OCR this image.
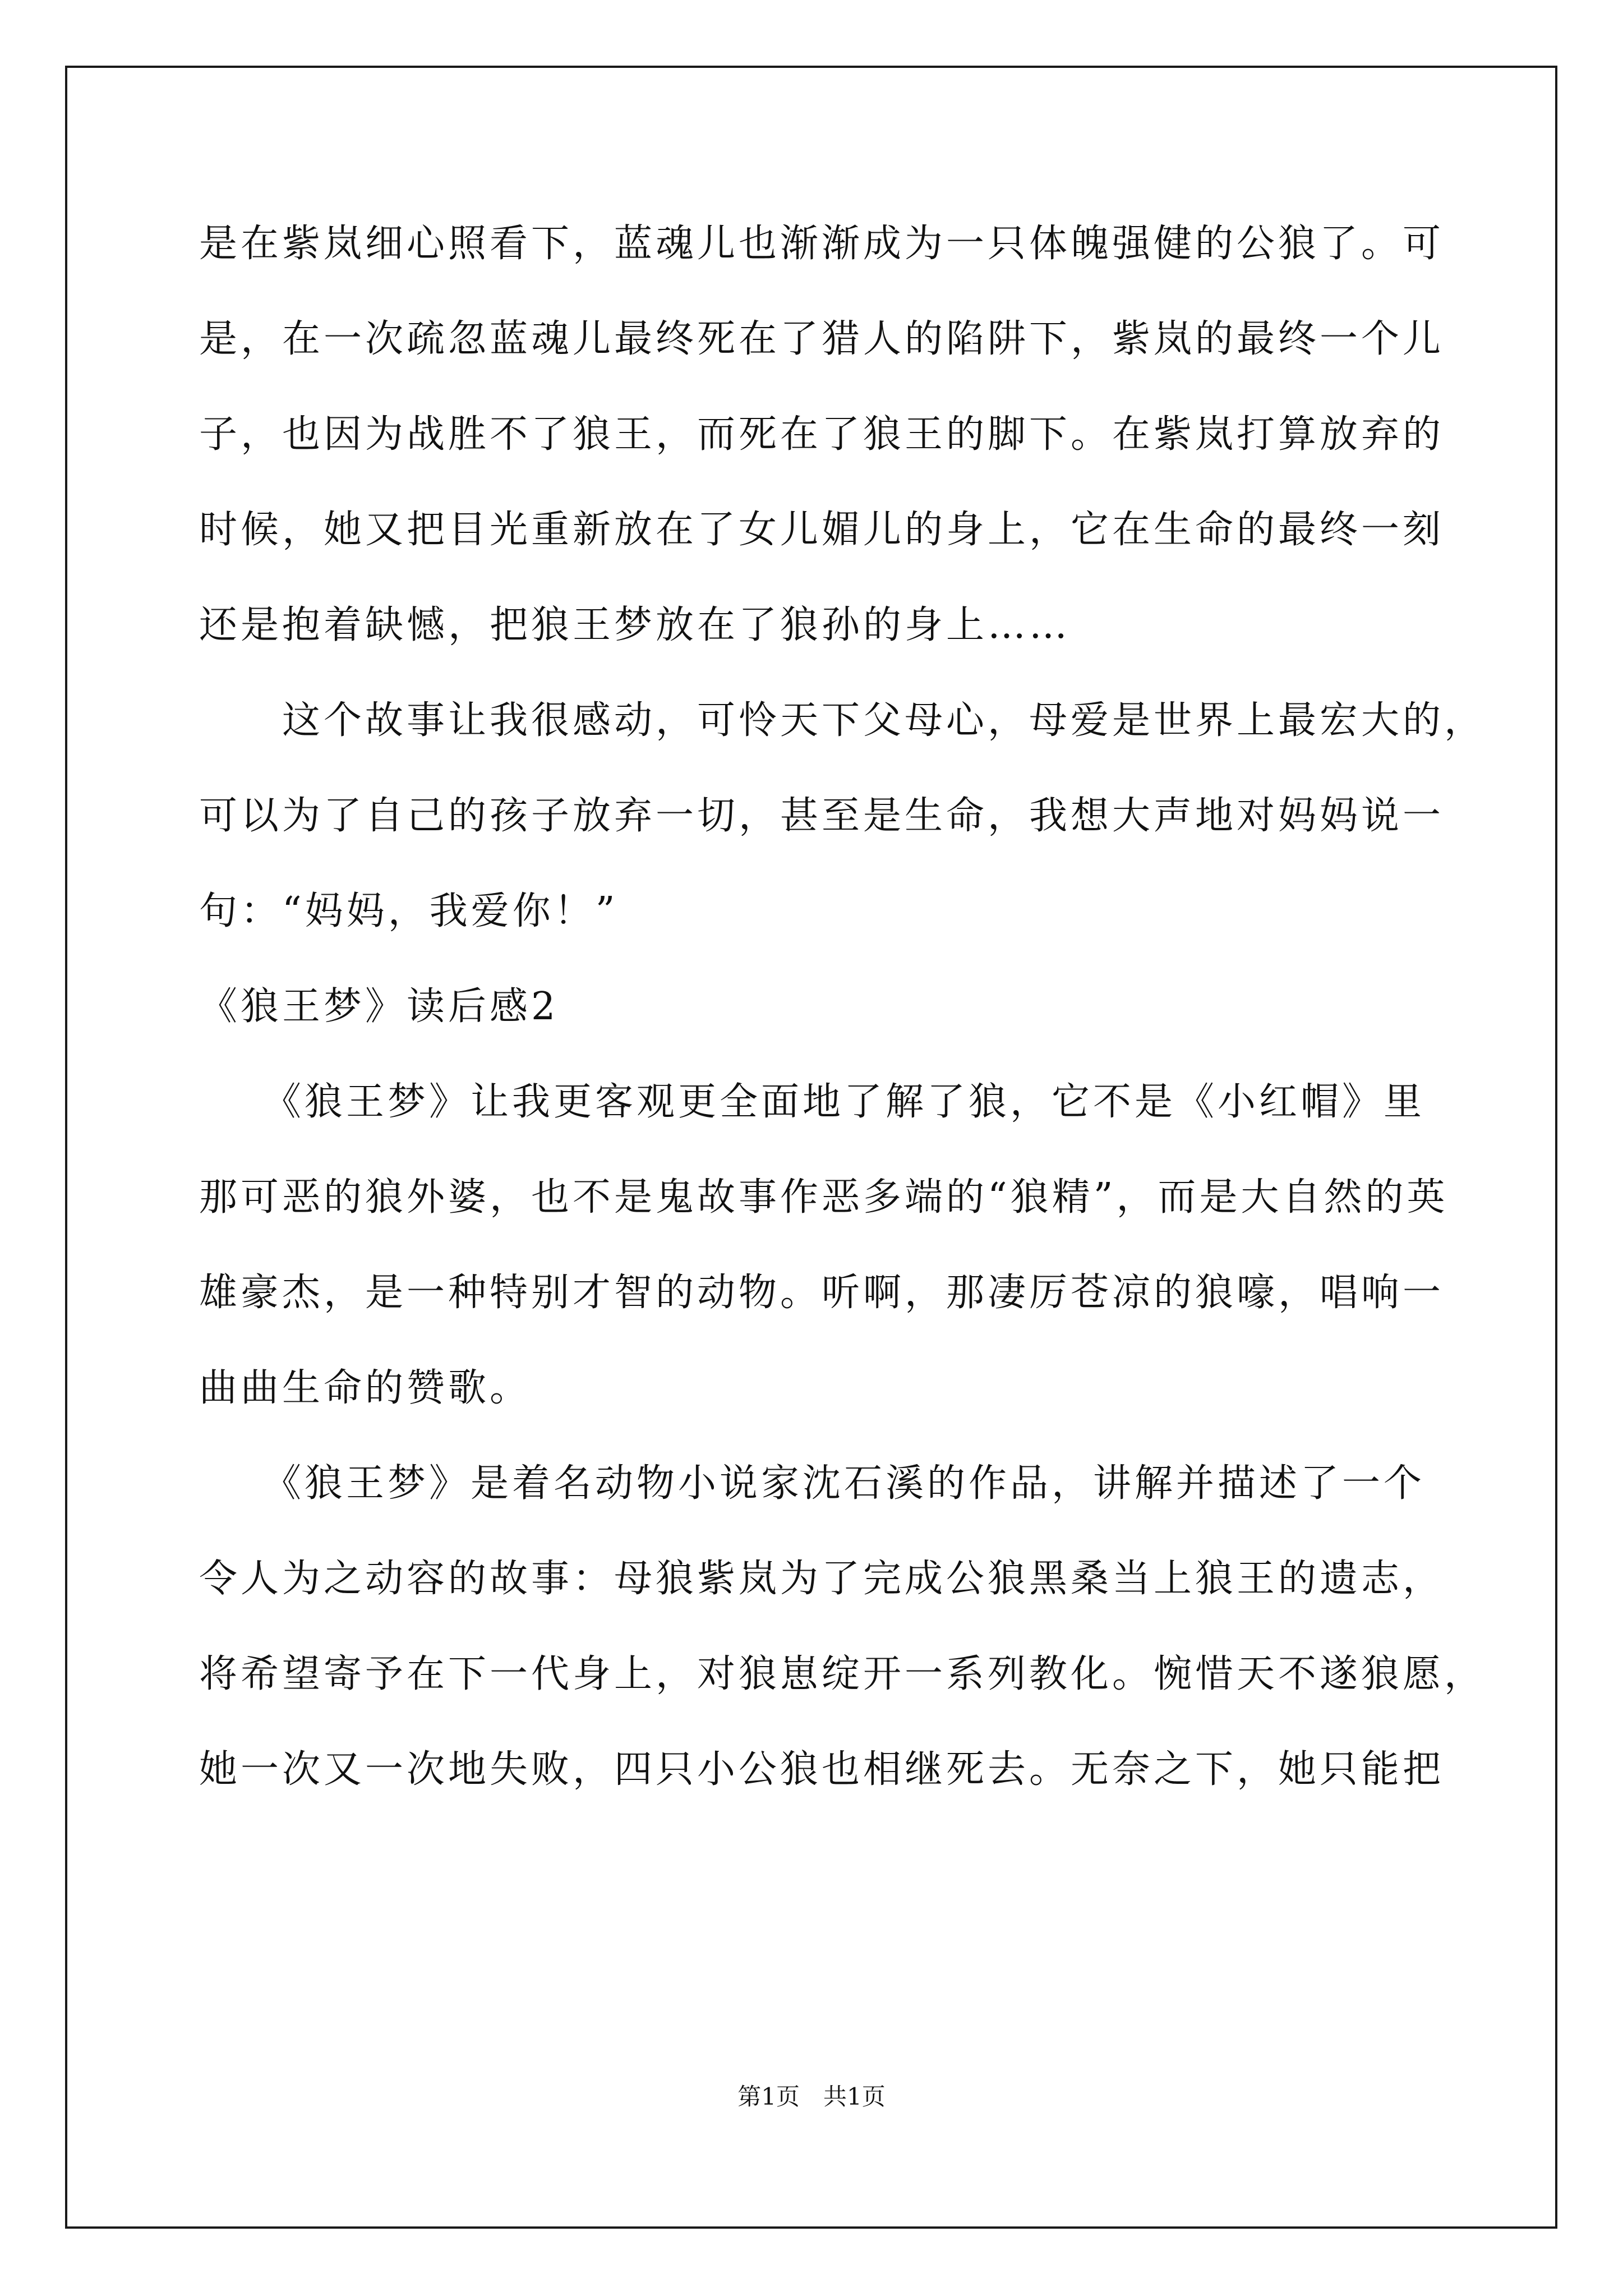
是在紫岚细心照看下，蓝魂儿也渐渐成为一只体魄强健的公狼了。可
是，在一次疏忽蓝魂儿最终死在了猎人的陷阱下，紫岚的最终一个儿
子，也因为战胜不了狼王，而死在了狼王的脚下。在紫岚打算放弃的
时候，她又把目光重新放在了女儿媚儿的身上，它在生命的最终一刻
还是抱着缺憾，把狼王梦放在了狼孙的身上……
　　这个故事让我很感动，可怜天下父母心，母爱是世界上最宏大的，
可以为了自己的孩子放弃一切，甚至是生命，我想大声地对妈妈说一
句：“妈妈，我爱你！”
《狼王梦》读后感2
　　《狼王梦》让我更客观更全面地了解了狼，它不是《小红帽》里
那可恶的狼外婆，也不是鬼故事作恶多端的“狼精”，而是大自然的英
雄豪杰，是一种特别才智的动物。听啊，那凄厉苍凉的狼嚎，唱响一
曲曲生命的赞歌。
　　《狼王梦》是着名动物小说家沈石溪的作品，讲解并描述了一个
令人为之动容的故事：母狼紫岚为了完成公狼黑桑当上狼王的遗志，
将希望寄予在下一代身上，对狼崽绽开一系列教化。惋惜天不遂狼愿，
她一次又一次地失败，四只小公狼也相继死去。无奈之下，她只能把
第1页　共1页
